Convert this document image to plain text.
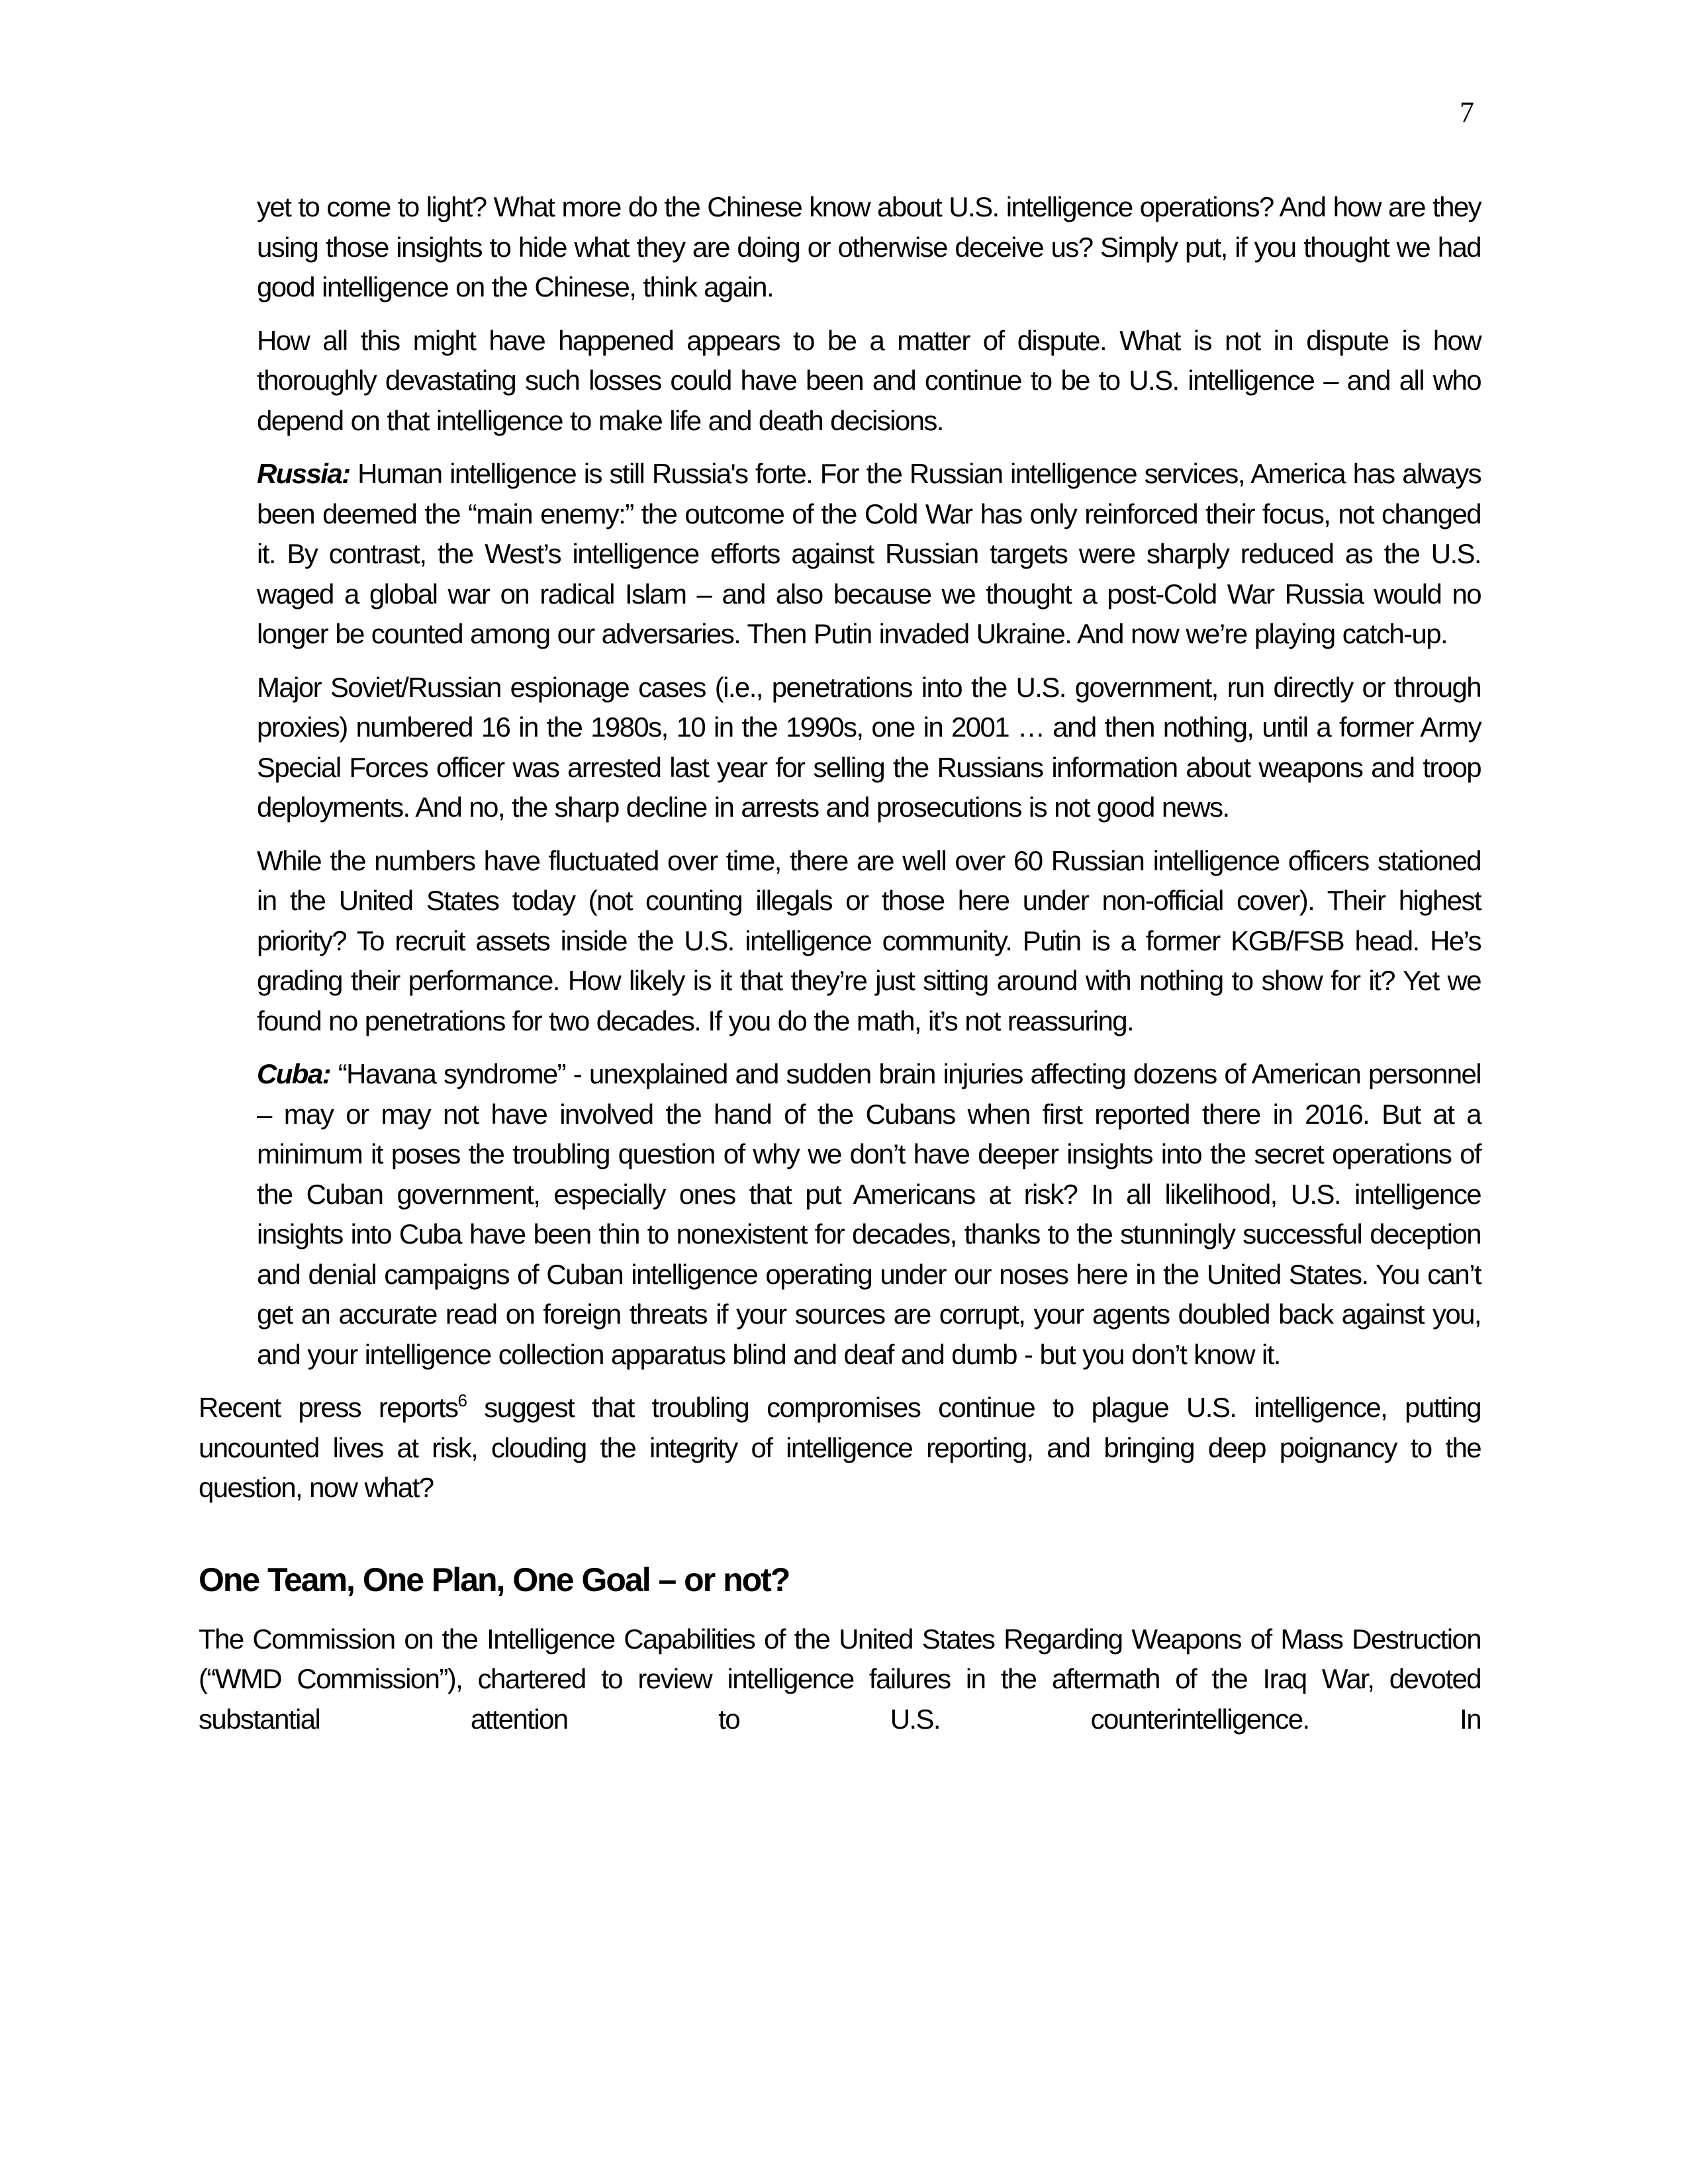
7

yet to come to light? What more do the Chinese know about U.S. intelligence operations? And how are they using those insights to hide what they are doing or otherwise deceive us? Simply put, if you thought we had good intelligence on the Chinese, think again.

How all this might have happened appears to be a matter of dispute. What is not in dispute is how thoroughly devastating such losses could have been and continue to be to U.S. intelligence – and all who depend on that intelligence to make life and death decisions.

Russia: Human intelligence is still Russia's forte. For the Russian intelligence services, America has always been deemed the “main enemy:” the outcome of the Cold War has only reinforced their focus, not changed it. By contrast, the West’s intelligence efforts against Russian targets were sharply reduced as the U.S. waged a global war on radical Islam – and also because we thought a post-Cold War Russia would no longer be counted among our adversaries. Then Putin invaded Ukraine. And now we’re playing catch-up.

Major Soviet/Russian espionage cases (i.e., penetrations into the U.S. government, run directly or through proxies) numbered 16 in the 1980s, 10 in the 1990s, one in 2001 … and then nothing, until a former Army Special Forces officer was arrested last year for selling the Russians information about weapons and troop deployments. And no, the sharp decline in arrests and prosecutions is not good news.

While the numbers have fluctuated over time, there are well over 60 Russian intelligence officers stationed in the United States today (not counting illegals or those here under non-official cover). Their highest priority? To recruit assets inside the U.S. intelligence community. Putin is a former KGB/FSB head. He’s grading their performance. How likely is it that they’re just sitting around with nothing to show for it? Yet we found no penetrations for two decades. If you do the math, it’s not reassuring.

Cuba: “Havana syndrome” - unexplained and sudden brain injuries affecting dozens of American personnel – may or may not have involved the hand of the Cubans when first reported there in 2016. But at a minimum it poses the troubling question of why we don’t have deeper insights into the secret operations of the Cuban government, especially ones that put Americans at risk? In all likelihood, U.S. intelligence insights into Cuba have been thin to nonexistent for decades, thanks to the stunningly successful deception and denial campaigns of Cuban intelligence operating under our noses here in the United States. You can’t get an accurate read on foreign threats if your sources are corrupt, your agents doubled back against you, and your intelligence collection apparatus blind and deaf and dumb - but you don’t know it.

Recent press reports$^6$ suggest that troubling compromises continue to plague U.S. intelligence, putting uncounted lives at risk, clouding the integrity of intelligence reporting, and bringing deep poignancy to the question, now what?

One Team, One Plan, One Goal – or not?

The Commission on the Intelligence Capabilities of the United States Regarding Weapons of Mass Destruction (“WMD Commission”), chartered to review intelligence failures in the aftermath of the Iraq War, devoted substantial attention to U.S. counterintelligence. In
